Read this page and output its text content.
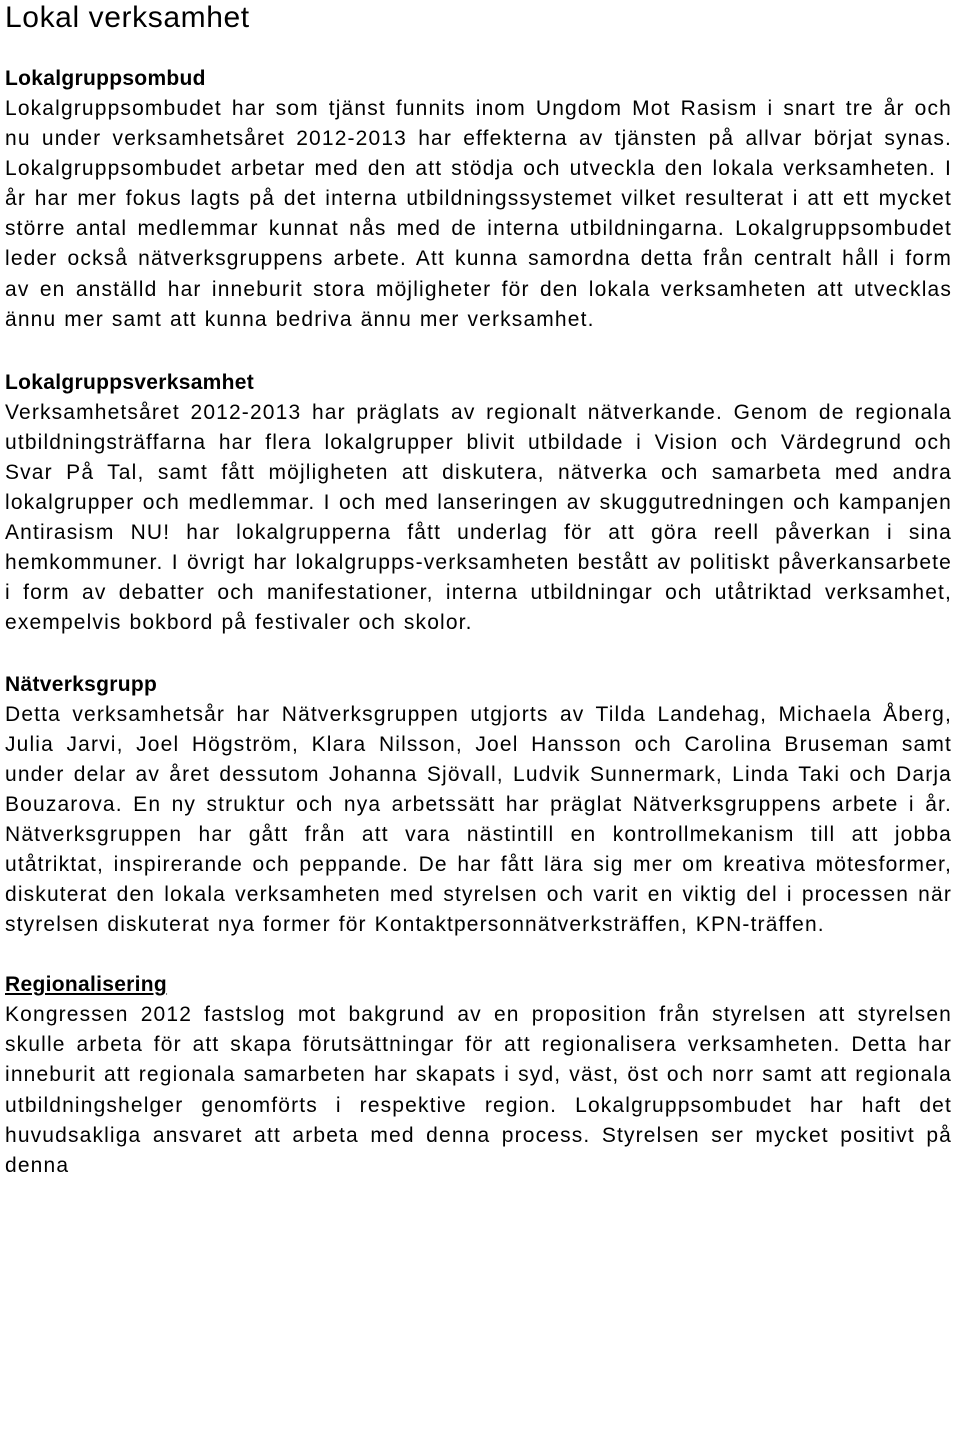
Lokal verksamhet
Lokalgruppsombud

Lokalgruppsombudet har som tjänst funnits inom Ungdom Mot Rasism i snart tre år och nu under verksamhetsåret 2012-2013 har effekterna av tjänsten på allvar börjat synas. Lokalgruppsombudet arbetar med den att stödja och utveckla den lokala verksamheten. I år har mer fokus lagts på det interna utbildningssystemet vilket resulterat i att ett mycket större antal medlemmar kunnat nås med de interna utbildningarna. Lokalgruppsombudet leder också nätverksgruppens arbete. Att kunna samordna detta från centralt håll i form av en anställd har inneburit stora möjligheter för den lokala verksamheten att utvecklas ännu mer samt att kunna bedriva ännu mer verksamhet.

Lokalgruppsverksamhet

Verksamhetsåret 2012-2013 har präglats av regionalt nätverkande. Genom de regionala utbildningsträffarna har flera lokalgrupper blivit utbildade i Vision och Värdegrund och Svar På Tal, samt fått möjligheten att diskutera, nätverka och samarbeta med andra lokalgrupper och medlemmar. I och med lanseringen av skuggutredningen och kampanjen Antirasism NU! har lokalgrupperna fått underlag för att göra reell påverkan i sina hemkommuner. I övrigt har lokalgrupps-verksamheten bestått av politiskt påverkansarbete i form av debatter och manifestationer, interna utbildningar och utåtriktad verksamhet, exempelvis bokbord på festivaler och skolor.

Nätverksgrupp

Detta verksamhetsår har Nätverksgruppen utgjorts av Tilda Landehag, Michaela Åberg, Julia Jarvi, Joel Högström, Klara Nilsson, Joel Hansson och Carolina Bruseman samt under delar av året dessutom Johanna Sjövall, Ludvik Sunnermark, Linda Taki och Darja Bouzarova. En ny struktur och nya arbetssätt har präglat Nätverksgruppens arbete i år. Nätverksgruppen har gått från att vara nästintill en kontrollmekanism till att jobba utåtriktat, inspirerande och peppande. De har fått lära sig mer om kreativa mötesformer, diskuterat den lokala verksamheten med styrelsen och varit en viktig del i processen när styrelsen diskuterat nya former för Kontaktpersonnätverksträffen, KPN-träffen.

Regionalisering

Kongressen 2012 fastslog mot bakgrund av en proposition från styrelsen att styrelsen skulle arbeta för att skapa förutsättningar för att regionalisera verksamheten. Detta har inneburit att regionala samarbeten har skapats i syd, väst, öst och norr samt att regionala utbildningshelger genomförts i respektive region. Lokalgruppsombudet har haft det huvudsakliga ansvaret att arbeta med denna process. Styrelsen ser mycket positivt på denna
